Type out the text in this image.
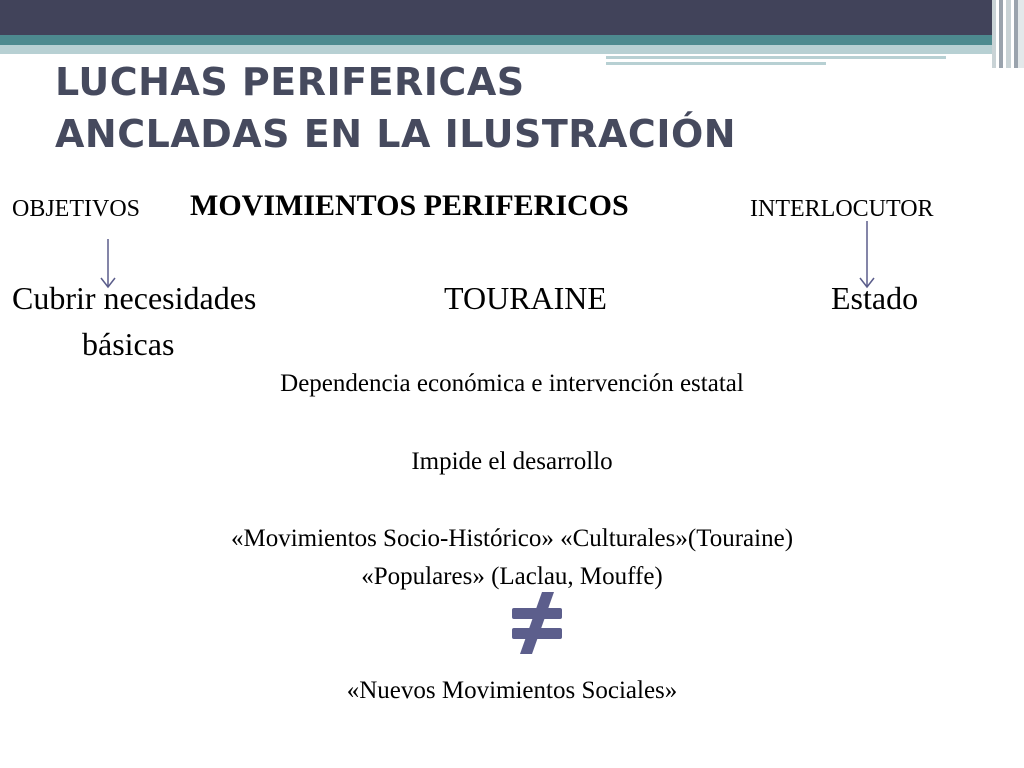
LUCHAS PERIFERICAS
ANCLADAS EN LA ILUSTRACIÓN
OBJETIVOS MOVIMIENTOS PERIFERICOS	INTERLOCUTOR
Cubrir necesidades
básicas
TOURAINE	Estado
Dependencia económica e intervención estatal
Impide el desarrollo
«Movimientos Socio-Histórico» «Culturales»(Touraine)
«Populares» (Laclau, Mouffe)
«Nuevos Movimientos Sociales»
